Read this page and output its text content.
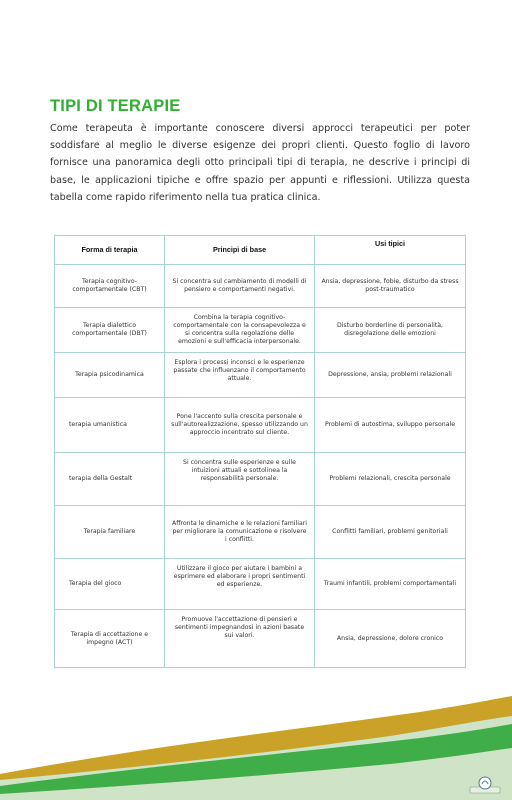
TIPI DI TERAPIE
Come terapeuta è importante conoscere diversi approcci terapeutici per poter soddisfare al meglio le diverse esigenze dei propri clienti. Questo foglio di lavoro fornisce una panoramica degli otto principali tipi di terapia, ne descrive i principi di base, le applicazioni tipiche e offre spazio per appunti e riflessioni. Utilizza questa tabella come rapido riferimento nella tua pratica clinica.
Forma di terapia	Principi di base	Usi tipici
Terapia cognitivo-comportamentale (CBT)	Si concentra sul cambiamento di modelli di pensiero e comportamenti negativi.	Ansia, depressione, fobie, disturbo da stress post-traumatico
Terapia dialettico comportamentale (DBT)	Combina la terapia cognitivo-comportamentale con la consapevolezza e si concentra sulla regolazione delle emozioni e sull'efficacia interpersonale.	Disturbo borderline di personalità, disregolazione delle emozioni
Terapia psicodinamica	Esplora i processi inconsci e le esperienze passate che influenzano il comportamento attuale.	Depressione, ansia, problemi relazionali
terapia umanistica	Pone l'accento sulla crescita personale e sull'autorealizzazione, spesso utilizzando un approccio incentrato sul cliente.	Problemi di autostima, sviluppo personale
terapia della Gestalt	Si concentra sulle esperienze e sulle intuizioni attuali e sottolinea la responsabilità personale.	Problemi relazionali, crescita personale
Terapia familiare	Affronta le dinamiche e le relazioni familiari per migliorare la comunicazione e risolvere i conflitti.	Conflitti familiari, problemi genitoriali
Terapia del gioco	Utilizzare il gioco per aiutare i bambini a esprimere ed elaborare i propri sentimenti ed esperienze.	Traumi infantili, problemi comportamentali
Terapia di accettazione e impegno (ACT)	Promuove l'accettazione di pensieri e sentimenti impegnandosi in azioni basate sui valori.	Ansia, depressione, dolore cronico
